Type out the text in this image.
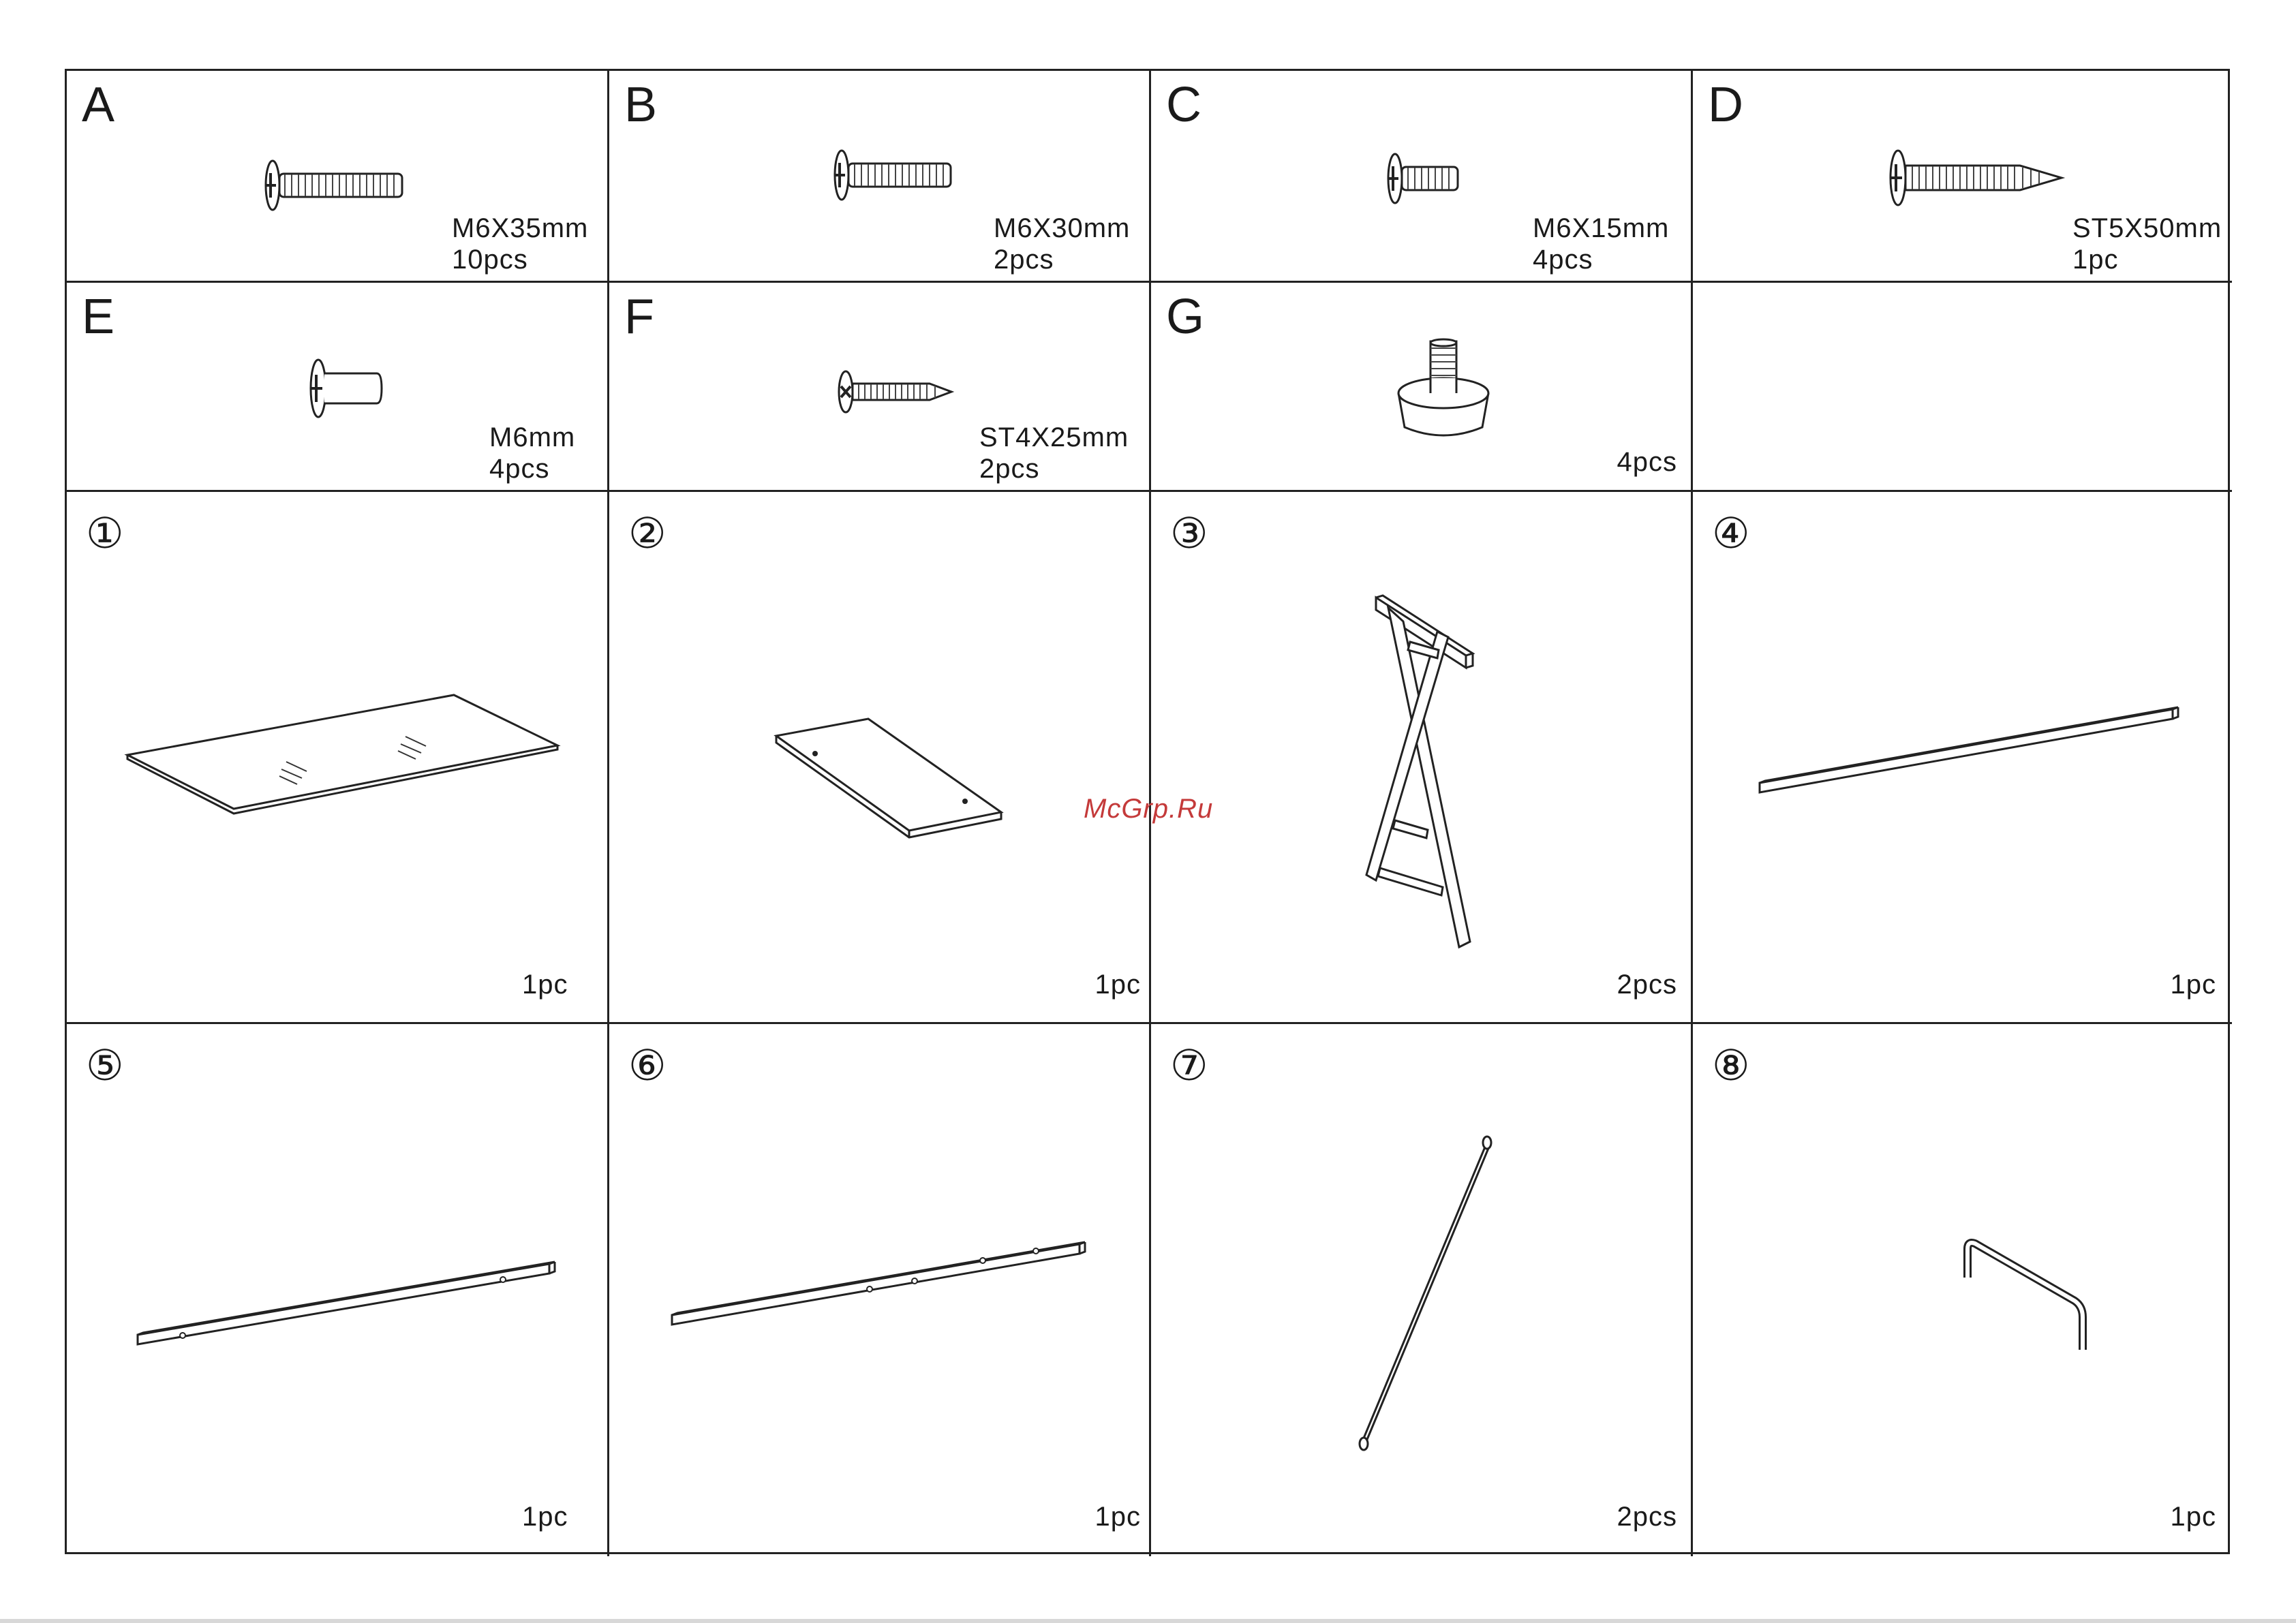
A
M6X35mm
10pcs
B
M6X30mm
2pcs
C
M6X15mm
4pcs
D
ST5X50mm
1pc
E
M6mm
4pcs
F
ST4X25mm
2pcs
G
4pcs
①
1pc
②
1pc
③
2pcs
④
1pc
⑤
1pc
⑥
1pc
⑦
2pcs
⑧
1pc
McGrp.Ru
